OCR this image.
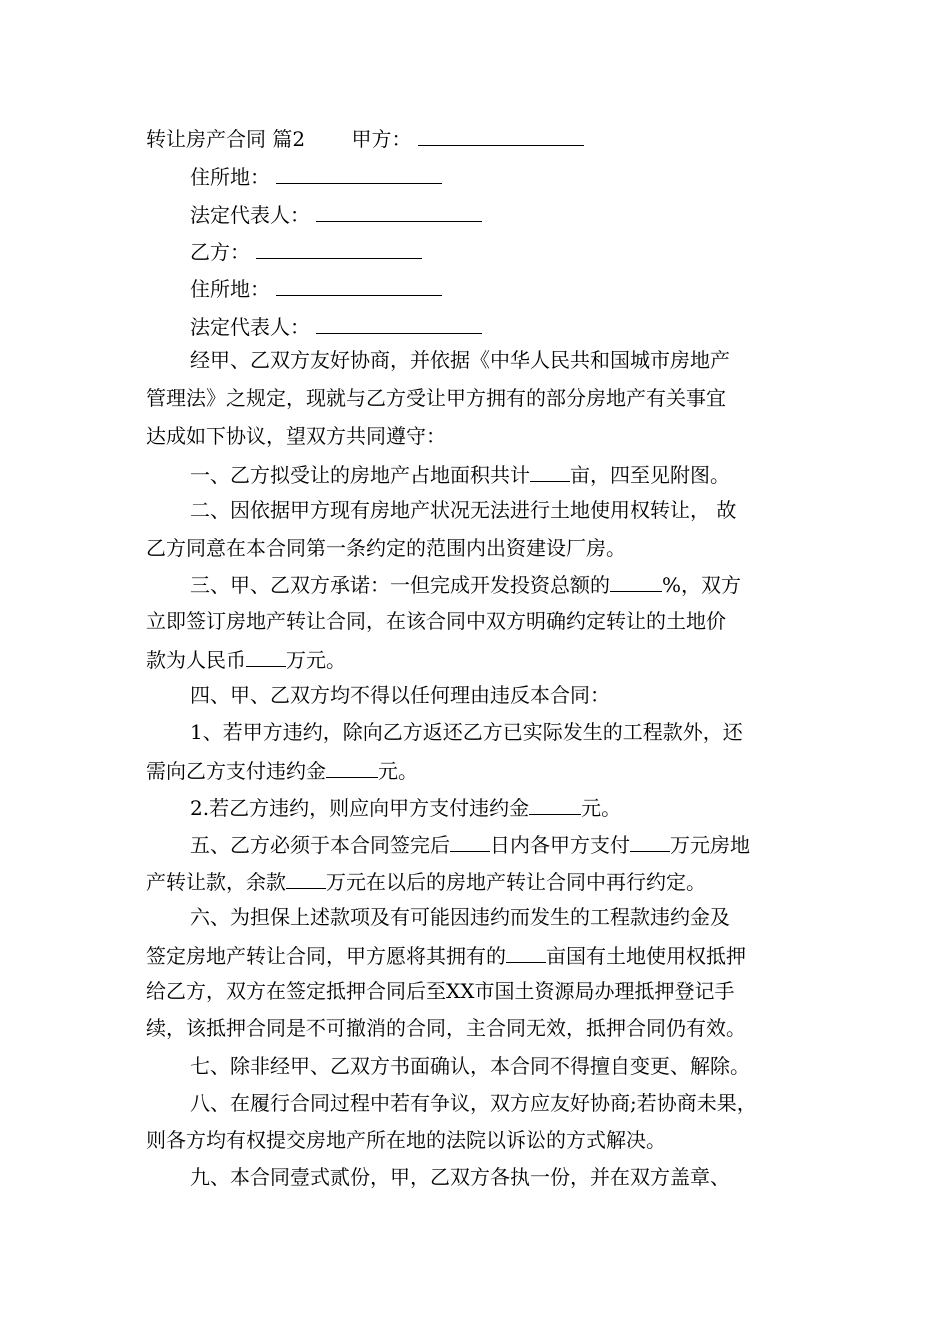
转让房产合同 篇2 甲方：
住所地：
法定代表人：
乙方：
住所地：
法定代表人：
经甲、乙双方友好协商，并依据《中华人民共和国城市房地产
管理法》之规定，现就与乙方受让甲方拥有的部分房地产有关事宜
达成如下协议，望双方共同遵守：
一、乙方拟受让的房地产占地面积共计 亩，四至见附图。
二、因依据甲方现有房地产状况无法进行土地使用权转让， 故
乙方同意在本合同第一条约定的范围内出资建设厂房。
三、甲、乙双方承诺：一但完成开发投资总额的	%，双方
立即签订房地产转让合同，在该合同中双方明确约定转让的土地价
款为人民币 万元。
四、甲、乙双方均不得以任何理由违反本合同：
1、若甲方违约，除向乙方返还乙方已实际发生的工程款外，还
需向乙方支付违约金	元。
2.若乙方违约，则应向甲方支付违约金	元。
五、乙方必须于本合同签完后 日内各甲方支付 万元房地
产转让款，余款 万元在以后的房地产转让合同中再行约定。
六、为担保上述款项及有可能因违约而发生的工程款违约金及
签定房地产转让合同，甲方愿将其拥有的 亩国有土地使用权抵押
给乙方，双方在签定抵押合同后至XX市国土资源局办理抵押登记手
续，该抵押合同是不可撤消的合同，主合同无效，抵押合同仍有效。
七、除非经甲、乙双方书面确认，本合同不得擅自变更、解除。
八、在履行合同过程中若有争议，双方应友好协商;若协商未果，
则各方均有权提交房地产所在地的法院以诉讼的方式解决。
九、本合同壹式贰份，甲，乙双方各执一份，并在双方盖章、
